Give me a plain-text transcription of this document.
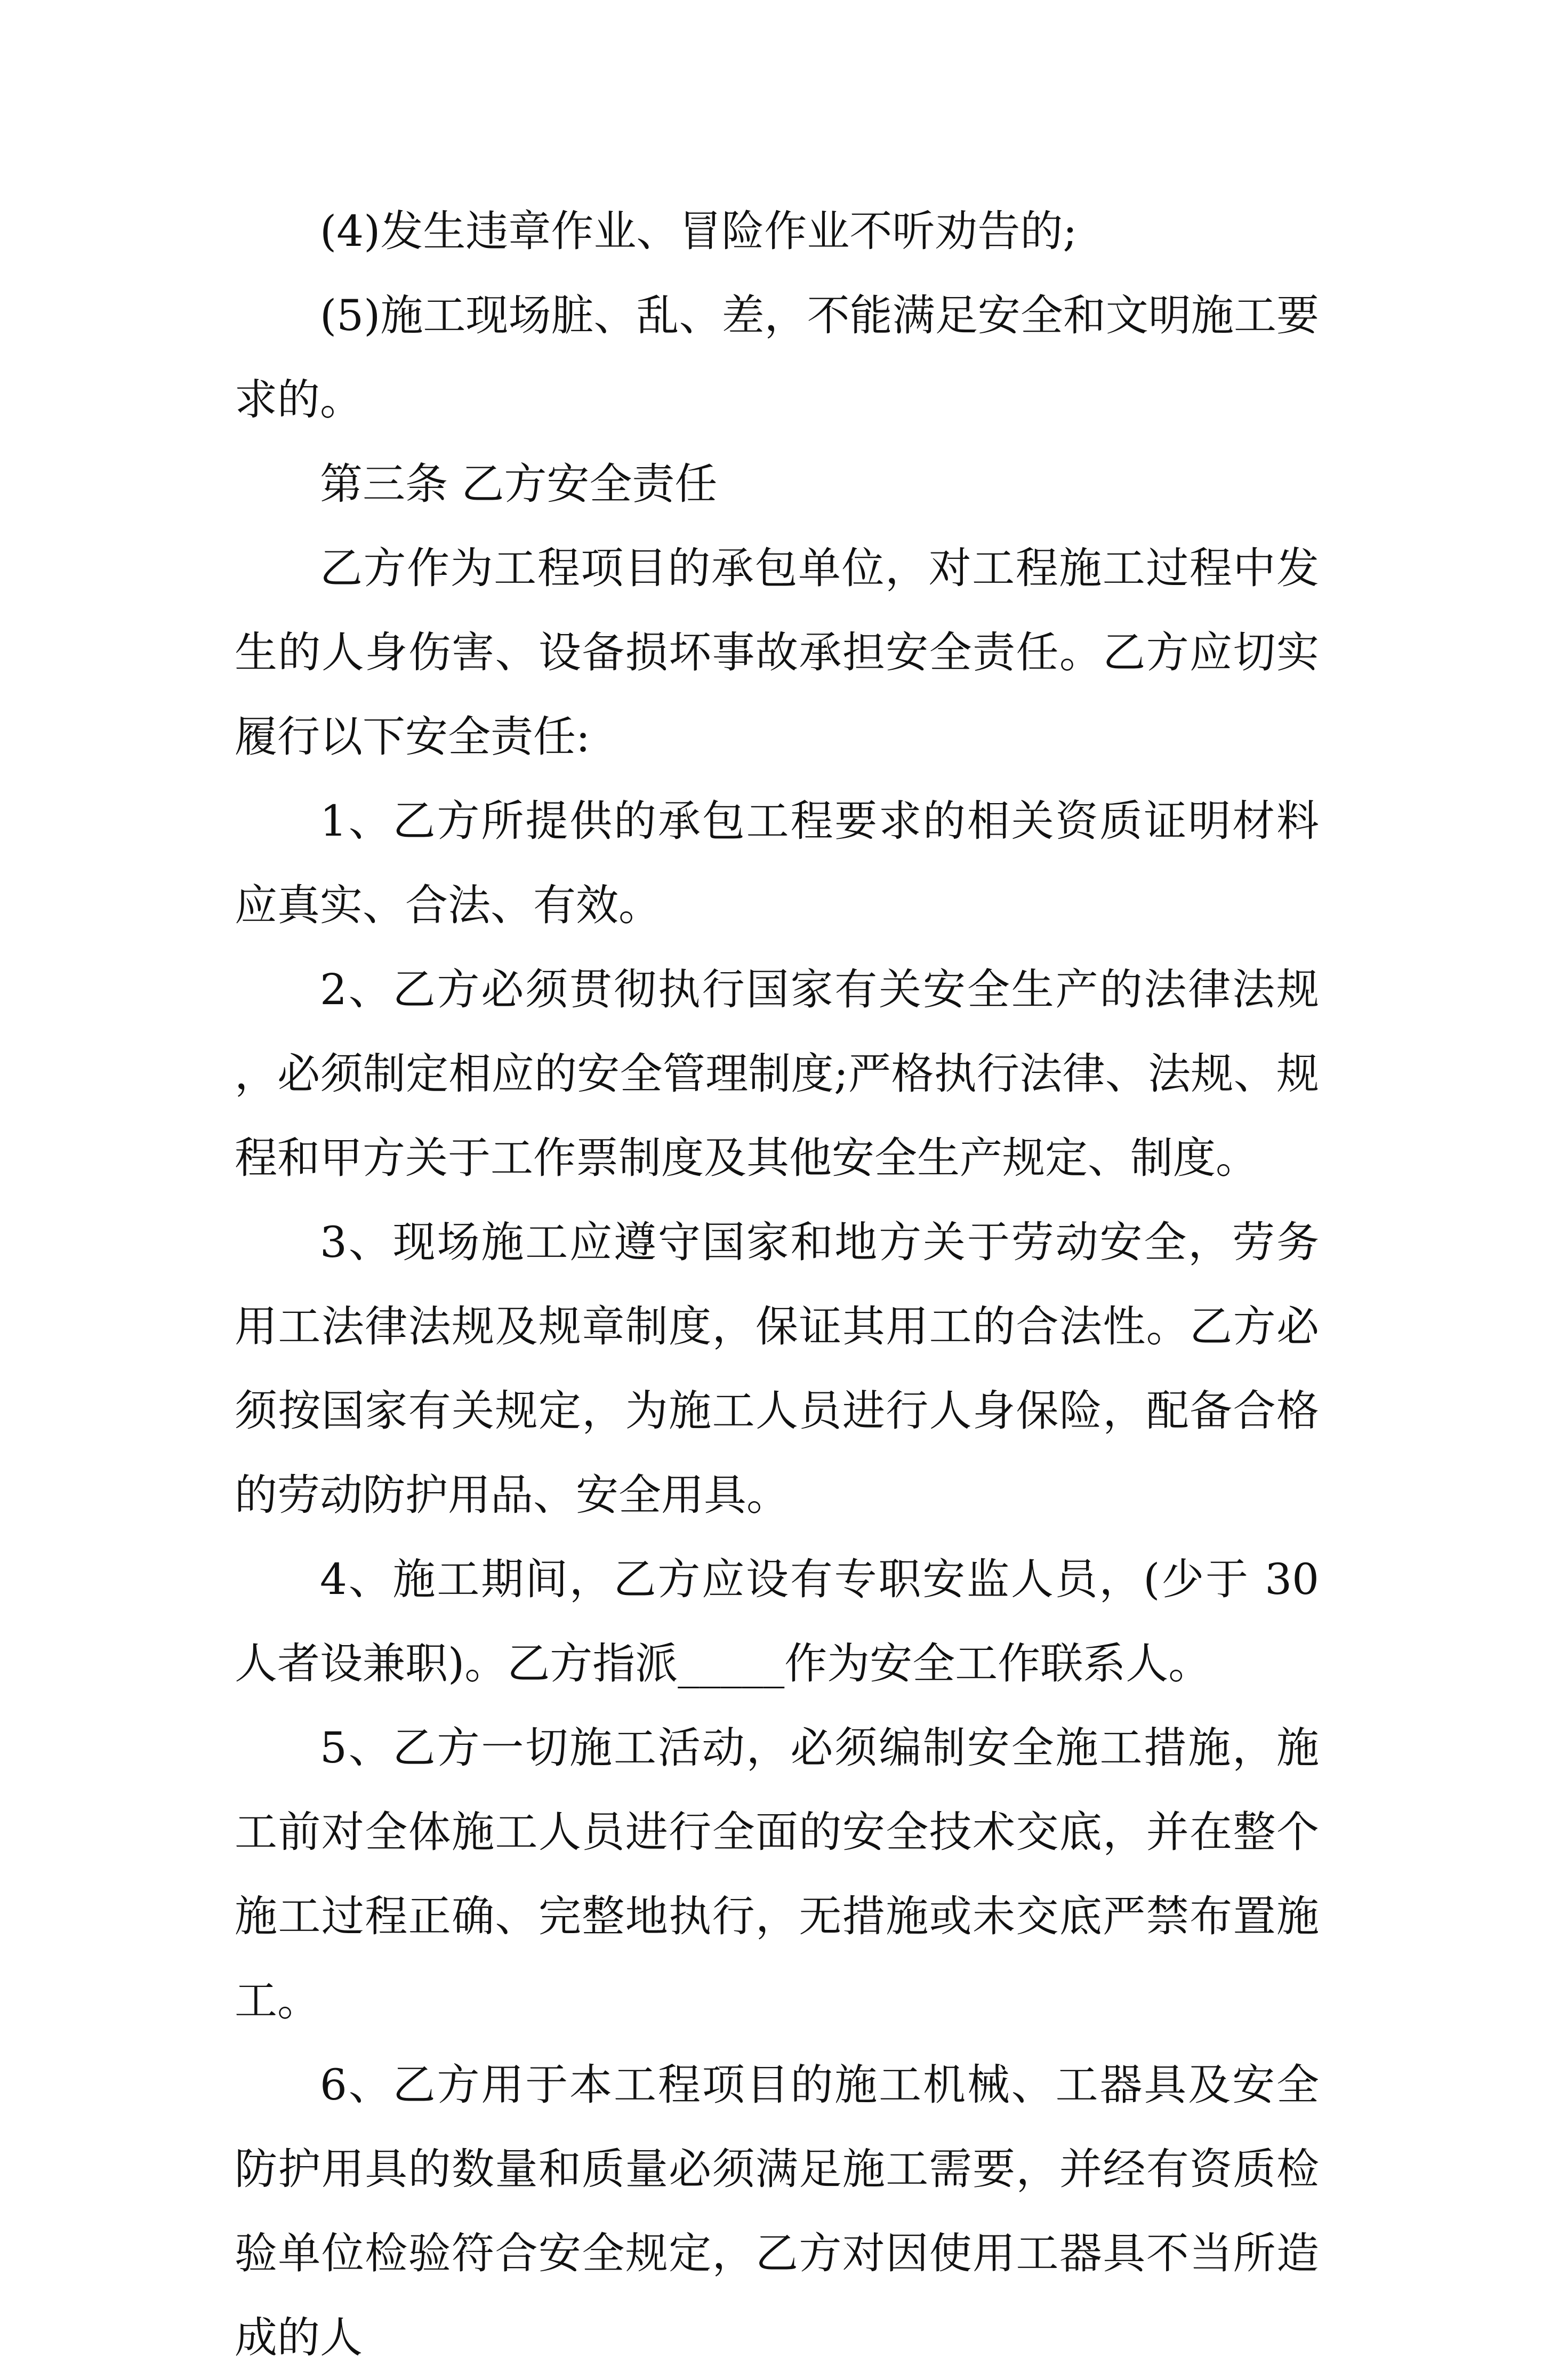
(4)发生违章作业、冒险作业不听劝告的;

(5)施工现场脏、乱、差，不能满足安全和文明施工要求的。

第三条 乙方安全责任

乙方作为工程项目的承包单位，对工程施工过程中发生的人身伤害、设备损坏事故承担安全责任。乙方应切实履行以下安全责任:

1、乙方所提供的承包工程要求的相关资质证明材料应真实、合法、有效。

2、乙方必须贯彻执行国家有关安全生产的法律法规，必须制定相应的安全管理制度;严格执行法律、法规、规程和甲方关于工作票制度及其他安全生产规定、制度。

3、现场施工应遵守国家和地方关于劳动安全，劳务用工法律法规及规章制度，保证其用工的合法性。乙方必须按国家有关规定，为施工人员进行人身保险，配备合格的劳动防护用品、安全用具。

4、施工期间，乙方应设有专职安监人员，(少于 30 人者设兼职)。乙方指派_____作为安全工作联系人。

5、乙方一切施工活动，必须编制安全施工措施，施工前对全体施工人员进行全面的安全技术交底，并在整个施工过程正确、完整地执行，无措施或未交底严禁布置施工。

6、乙方用于本工程项目的施工机械、工器具及安全防护用具的数量和质量必须满足施工需要，并经有资质检验单位检验符合安全规定，乙方对因使用工器具不当所造成的人
